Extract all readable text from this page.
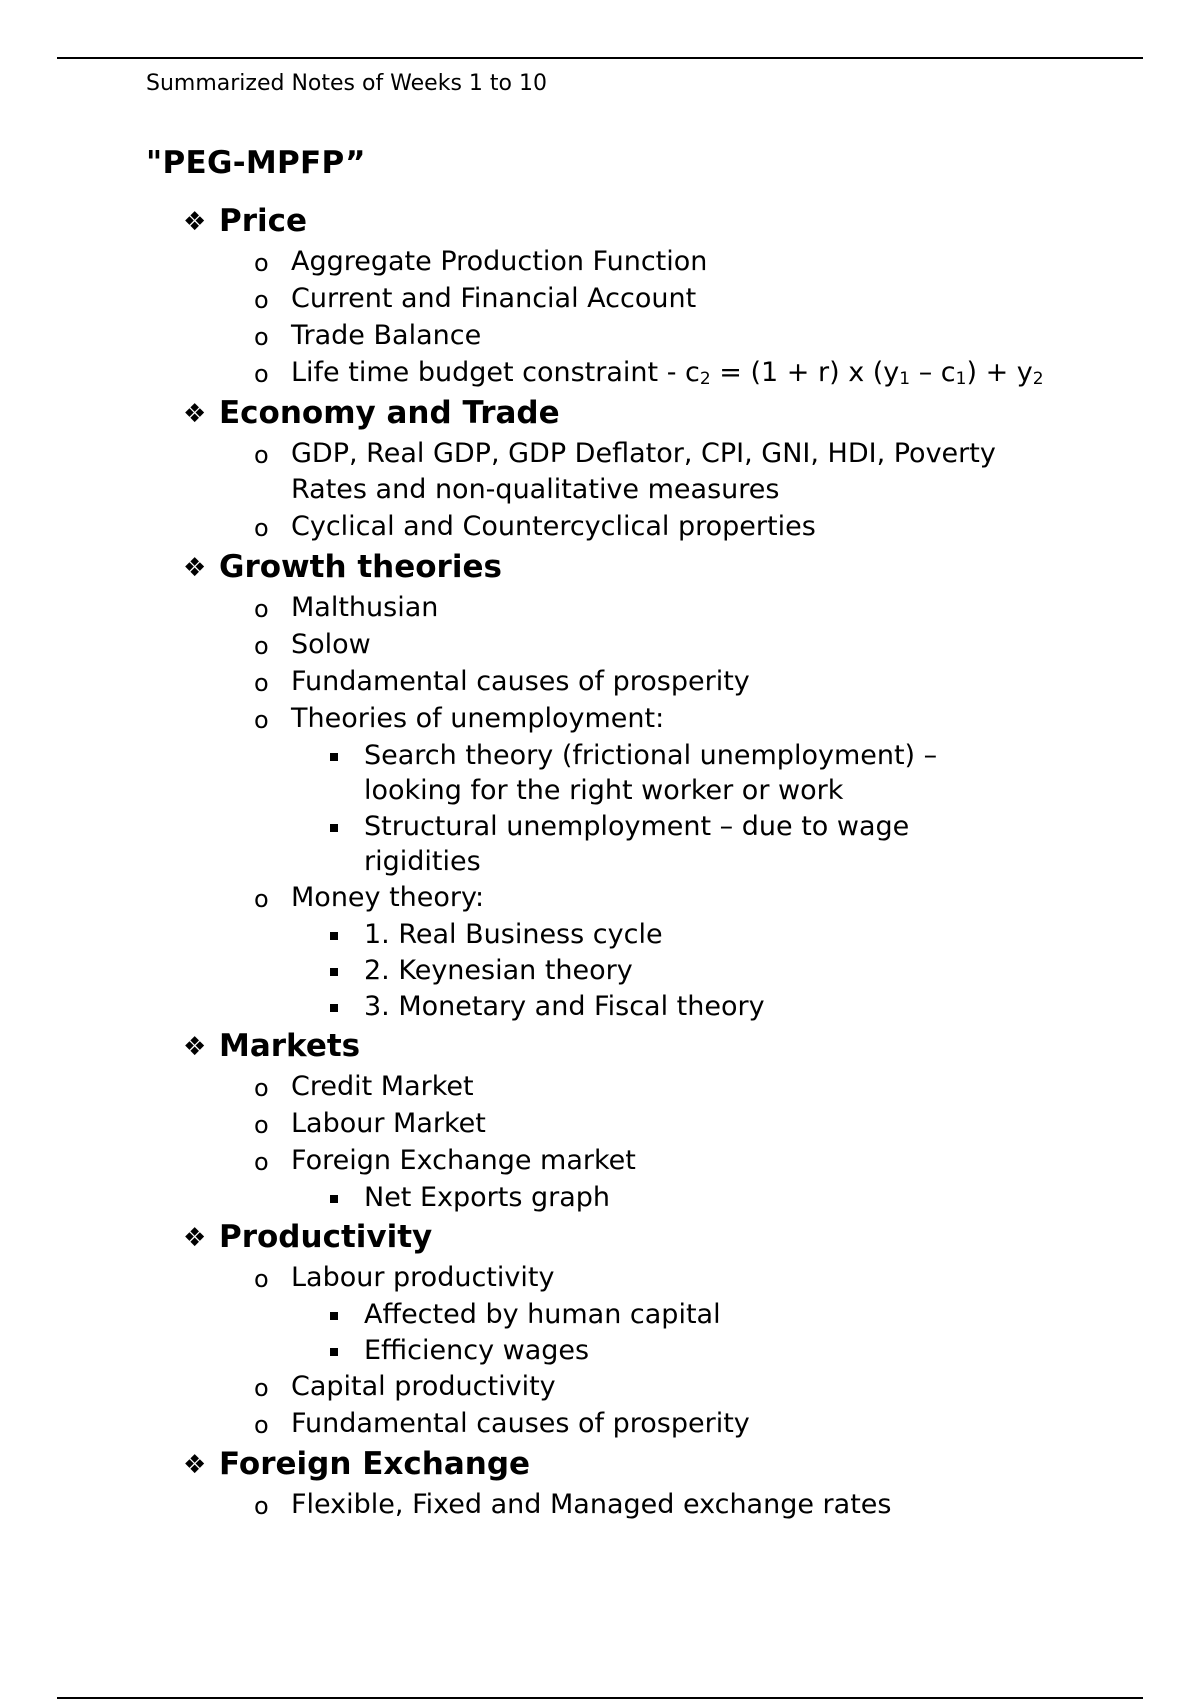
Summarized Notes of Weeks 1 to 10
"PEG-MPFP”
❖ Price
o Aggregate Production Function
o Current and Financial Account
o Trade Balance
o Life time budget constraint - c2 = (1 + r) x (y1 – c1) + y2
❖ Economy and Trade
o GDP, Real GDP, GDP Deflator, CPI, GNI, HDI, Poverty Rates and non-qualitative measures
o Cyclical and Countercyclical properties
❖ Growth theories
o Malthusian
o Solow
o Fundamental causes of prosperity
o Theories of unemployment:
Search theory (frictional unemployment) – looking for the right worker or work
Structural unemployment – due to wage rigidities
o Money theory:
1. Real Business cycle
2. Keynesian theory
3. Monetary and Fiscal theory
❖ Markets
o Credit Market
o Labour Market
o Foreign Exchange market
Net Exports graph
❖ Productivity
o Labour productivity
Affected by human capital
Efficiency wages
o Capital productivity
o Fundamental causes of prosperity
❖ Foreign Exchange
o Flexible, Fixed and Managed exchange rates
